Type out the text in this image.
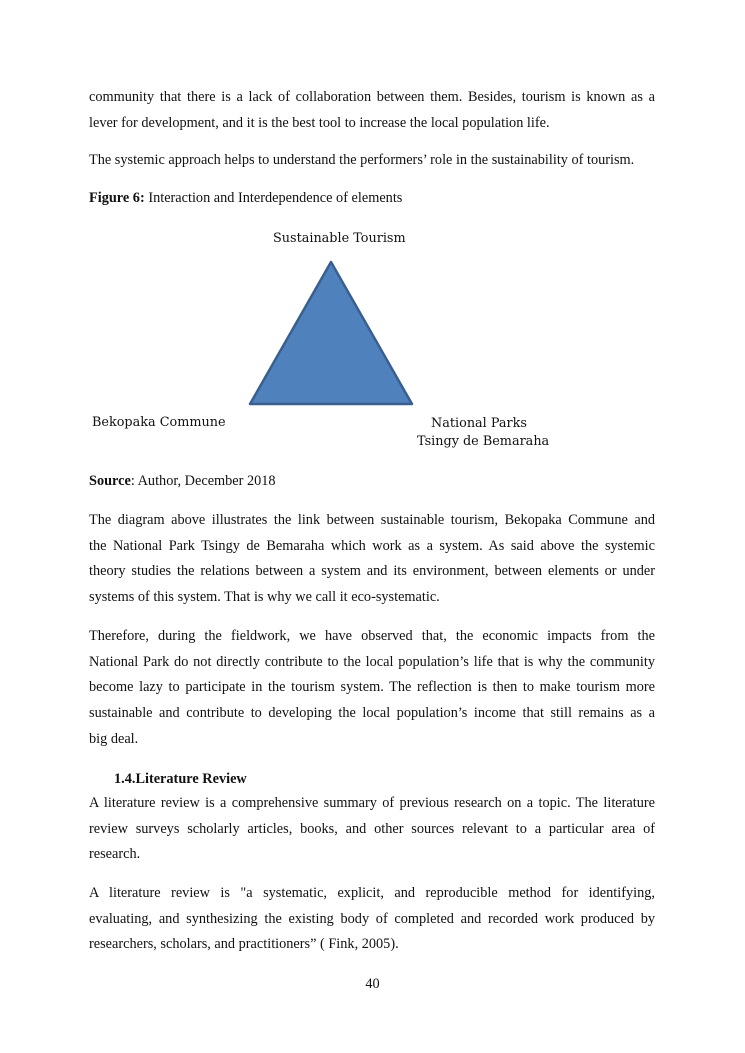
community that there is a lack of collaboration between them. Besides, tourism is known as a
lever for development, and it is the best tool to increase the local population life.
The systemic approach helps to understand the performers’ role in the sustainability of tourism.
Figure 6: Interaction and Interdependence of elements
Sustainable Tourism
Bekopaka Commune	National Parks
Tsingy de Bemaraha
Source: Author, December 2018
The diagram above illustrates the link between sustainable tourism, Bekopaka Commune and
the National Park Tsingy de Bemaraha which work as a system. As said above the systemic
theory studies the relations between a system and its environment, between elements or under
systems of this system. That is why we call it eco-systematic.
Therefore, during the fieldwork, we have observed that, the economic impacts from the
National Park do not directly contribute to the local population’s life that is why the community
become lazy to participate in the tourism system. The reflection is then to make tourism more
sustainable and contribute to developing the local population’s income that still remains as a
big deal.
1.4.Literature Review
A literature review is a comprehensive summary of previous research on a topic. The literature
review surveys scholarly articles, books, and other sources relevant to a particular area of
research.
A literature review is "a systematic, explicit, and reproducible method for identifying,
evaluating, and synthesizing the existing body of completed and recorded work produced by
researchers, scholars, and practitioners” ( Fink, 2005).
40
